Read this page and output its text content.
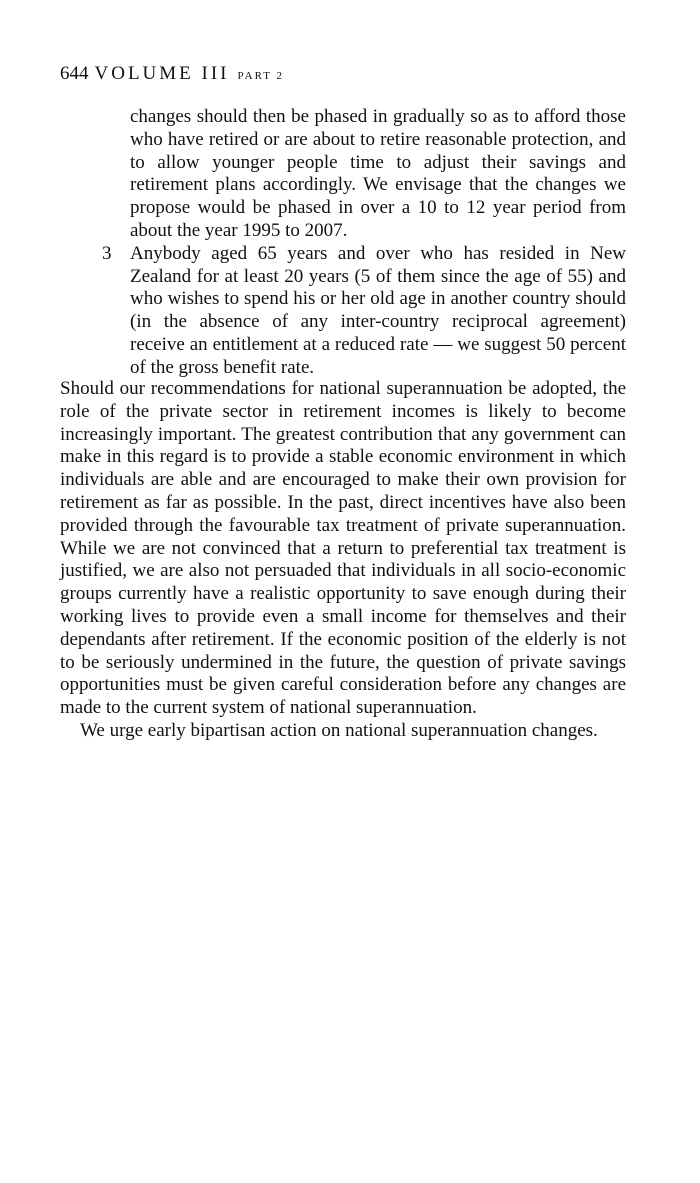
644 VOLUME III PART 2
changes should then be phased in gradually so as to afford those who have retired or are about to retire reasonable protection, and to allow younger people time to adjust their savings and retirement plans accordingly. We envisage that the changes we propose would be phased in over a 10 to 12 year period from about the year 1995 to 2007.
3 Anybody aged 65 years and over who has resided in New Zealand for at least 20 years (5 of them since the age of 55) and who wishes to spend his or her old age in another country should (in the absence of any inter-country reciprocal agreement) receive an entitlement at a reduced rate — we suggest 50 percent of the gross benefit rate.

Should our recommendations for national superannuation be adopted, the role of the private sector in retirement incomes is likely to become increasingly important. The greatest contribution that any government can make in this regard is to provide a stable economic environment in which individuals are able and are encouraged to make their own provision for retirement as far as possible. In the past, direct incentives have also been provided through the favourable tax treatment of private superannuation. While we are not convinced that a return to preferential tax treatment is justified, we are also not persuaded that individuals in all socio-economic groups currently have a realistic opportunity to save enough during their working lives to provide even a small income for themselves and their dependants after retirement. If the economic position of the elderly is not to be seriously undermined in the future, the question of private savings opportunities must be given careful consideration before any changes are made to the current system of national superannuation.

We urge early bipartisan action on national superannuation changes.
